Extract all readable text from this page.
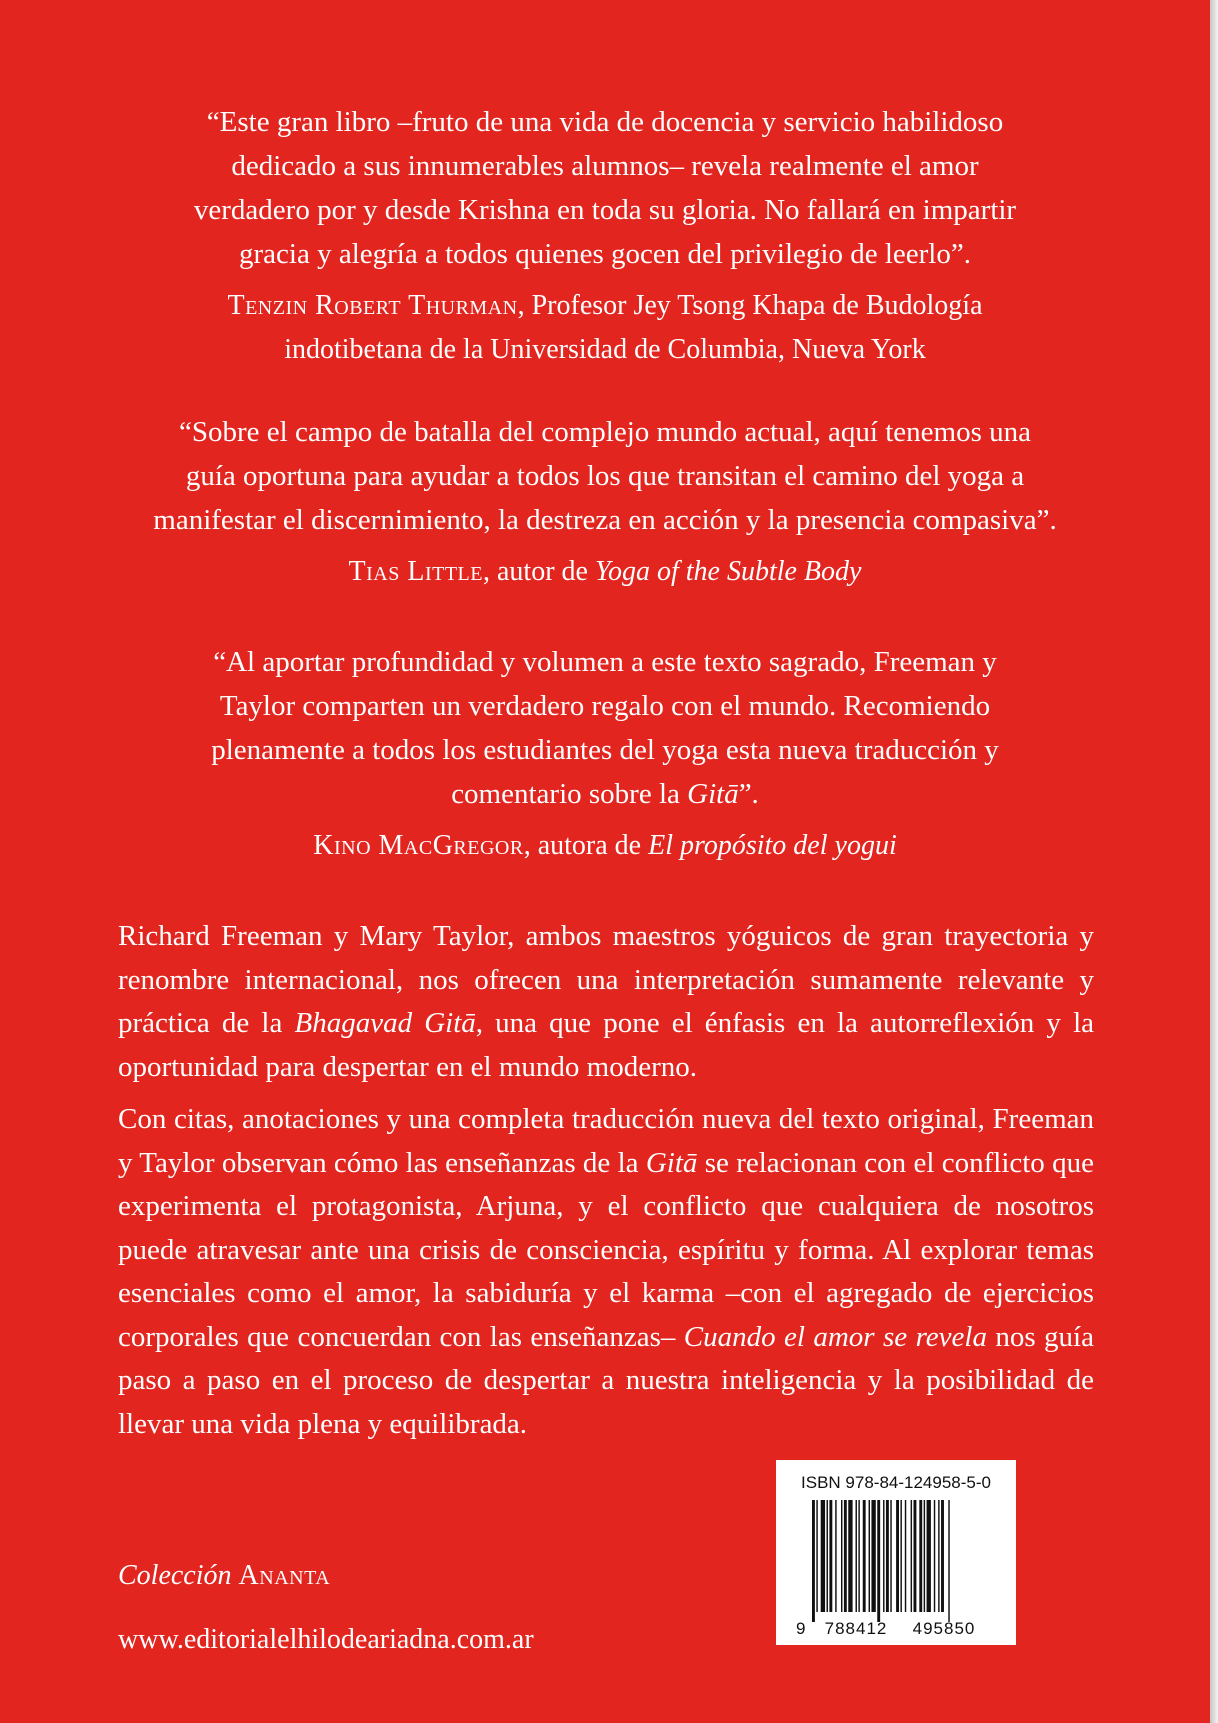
“Este gran libro –fruto de una vida de docencia y servicio habilidoso
dedicado a sus innumerables alumnos– revela realmente el amor
verdadero por y desde Krishna en toda su gloria. No fallará en impartir
gracia y alegría a todos quienes gocen del privilegio de leerlo”.

Tenzin Robert Thurman, Profesor Jey Tsong Khapa de Budología
indotibetana de la Universidad de Columbia, Nueva York

“Sobre el campo de batalla del complejo mundo actual, aquí tenemos una
guía oportuna para ayudar a todos los que transitan el camino del yoga a
manifestar el discernimiento, la destreza en acción y la presencia compasiva”.

Tias Little, autor de Yoga of the Subtle Body

“Al aportar profundidad y volumen a este texto sagrado, Freeman y
Taylor comparten un verdadero regalo con el mundo. Recomiendo
plenamente a todos los estudiantes del yoga esta nueva traducción y
comentario sobre la Gitā”.

Kino MacGregor, autora de El propósito del yogui

Richard Freeman y Mary Taylor, ambos maestros yóguicos de gran trayectoria y renombre internacional, nos ofrecen una interpretación sumamente relevante y práctica de la Bhagavad Gitā, una que pone el énfasis en la autorreflexión y la oportunidad para despertar en el mundo moderno.

Con citas, anotaciones y una completa traducción nueva del texto original, Freeman y Taylor observan cómo las enseñanzas de la Gitā se relacionan con el conflicto que experimenta el protagonista, Arjuna, y el conflicto que cualquiera de nosotros puede atravesar ante una crisis de consciencia, espíritu y forma. Al explorar temas esenciales como el amor, la sabiduría y el karma –con el agregado de ejercicios corporales que concuerdan con las enseñanzas– Cuando el amor se revela nos guía paso a paso en el proceso de despertar a nuestra inteligencia y la posibilidad de llevar una vida plena y equilibrada.

Colección Ananta

www.editorialelhilodeariadna.com.ar

ISBN 978-84-124958-5-0

9 788412 495850
